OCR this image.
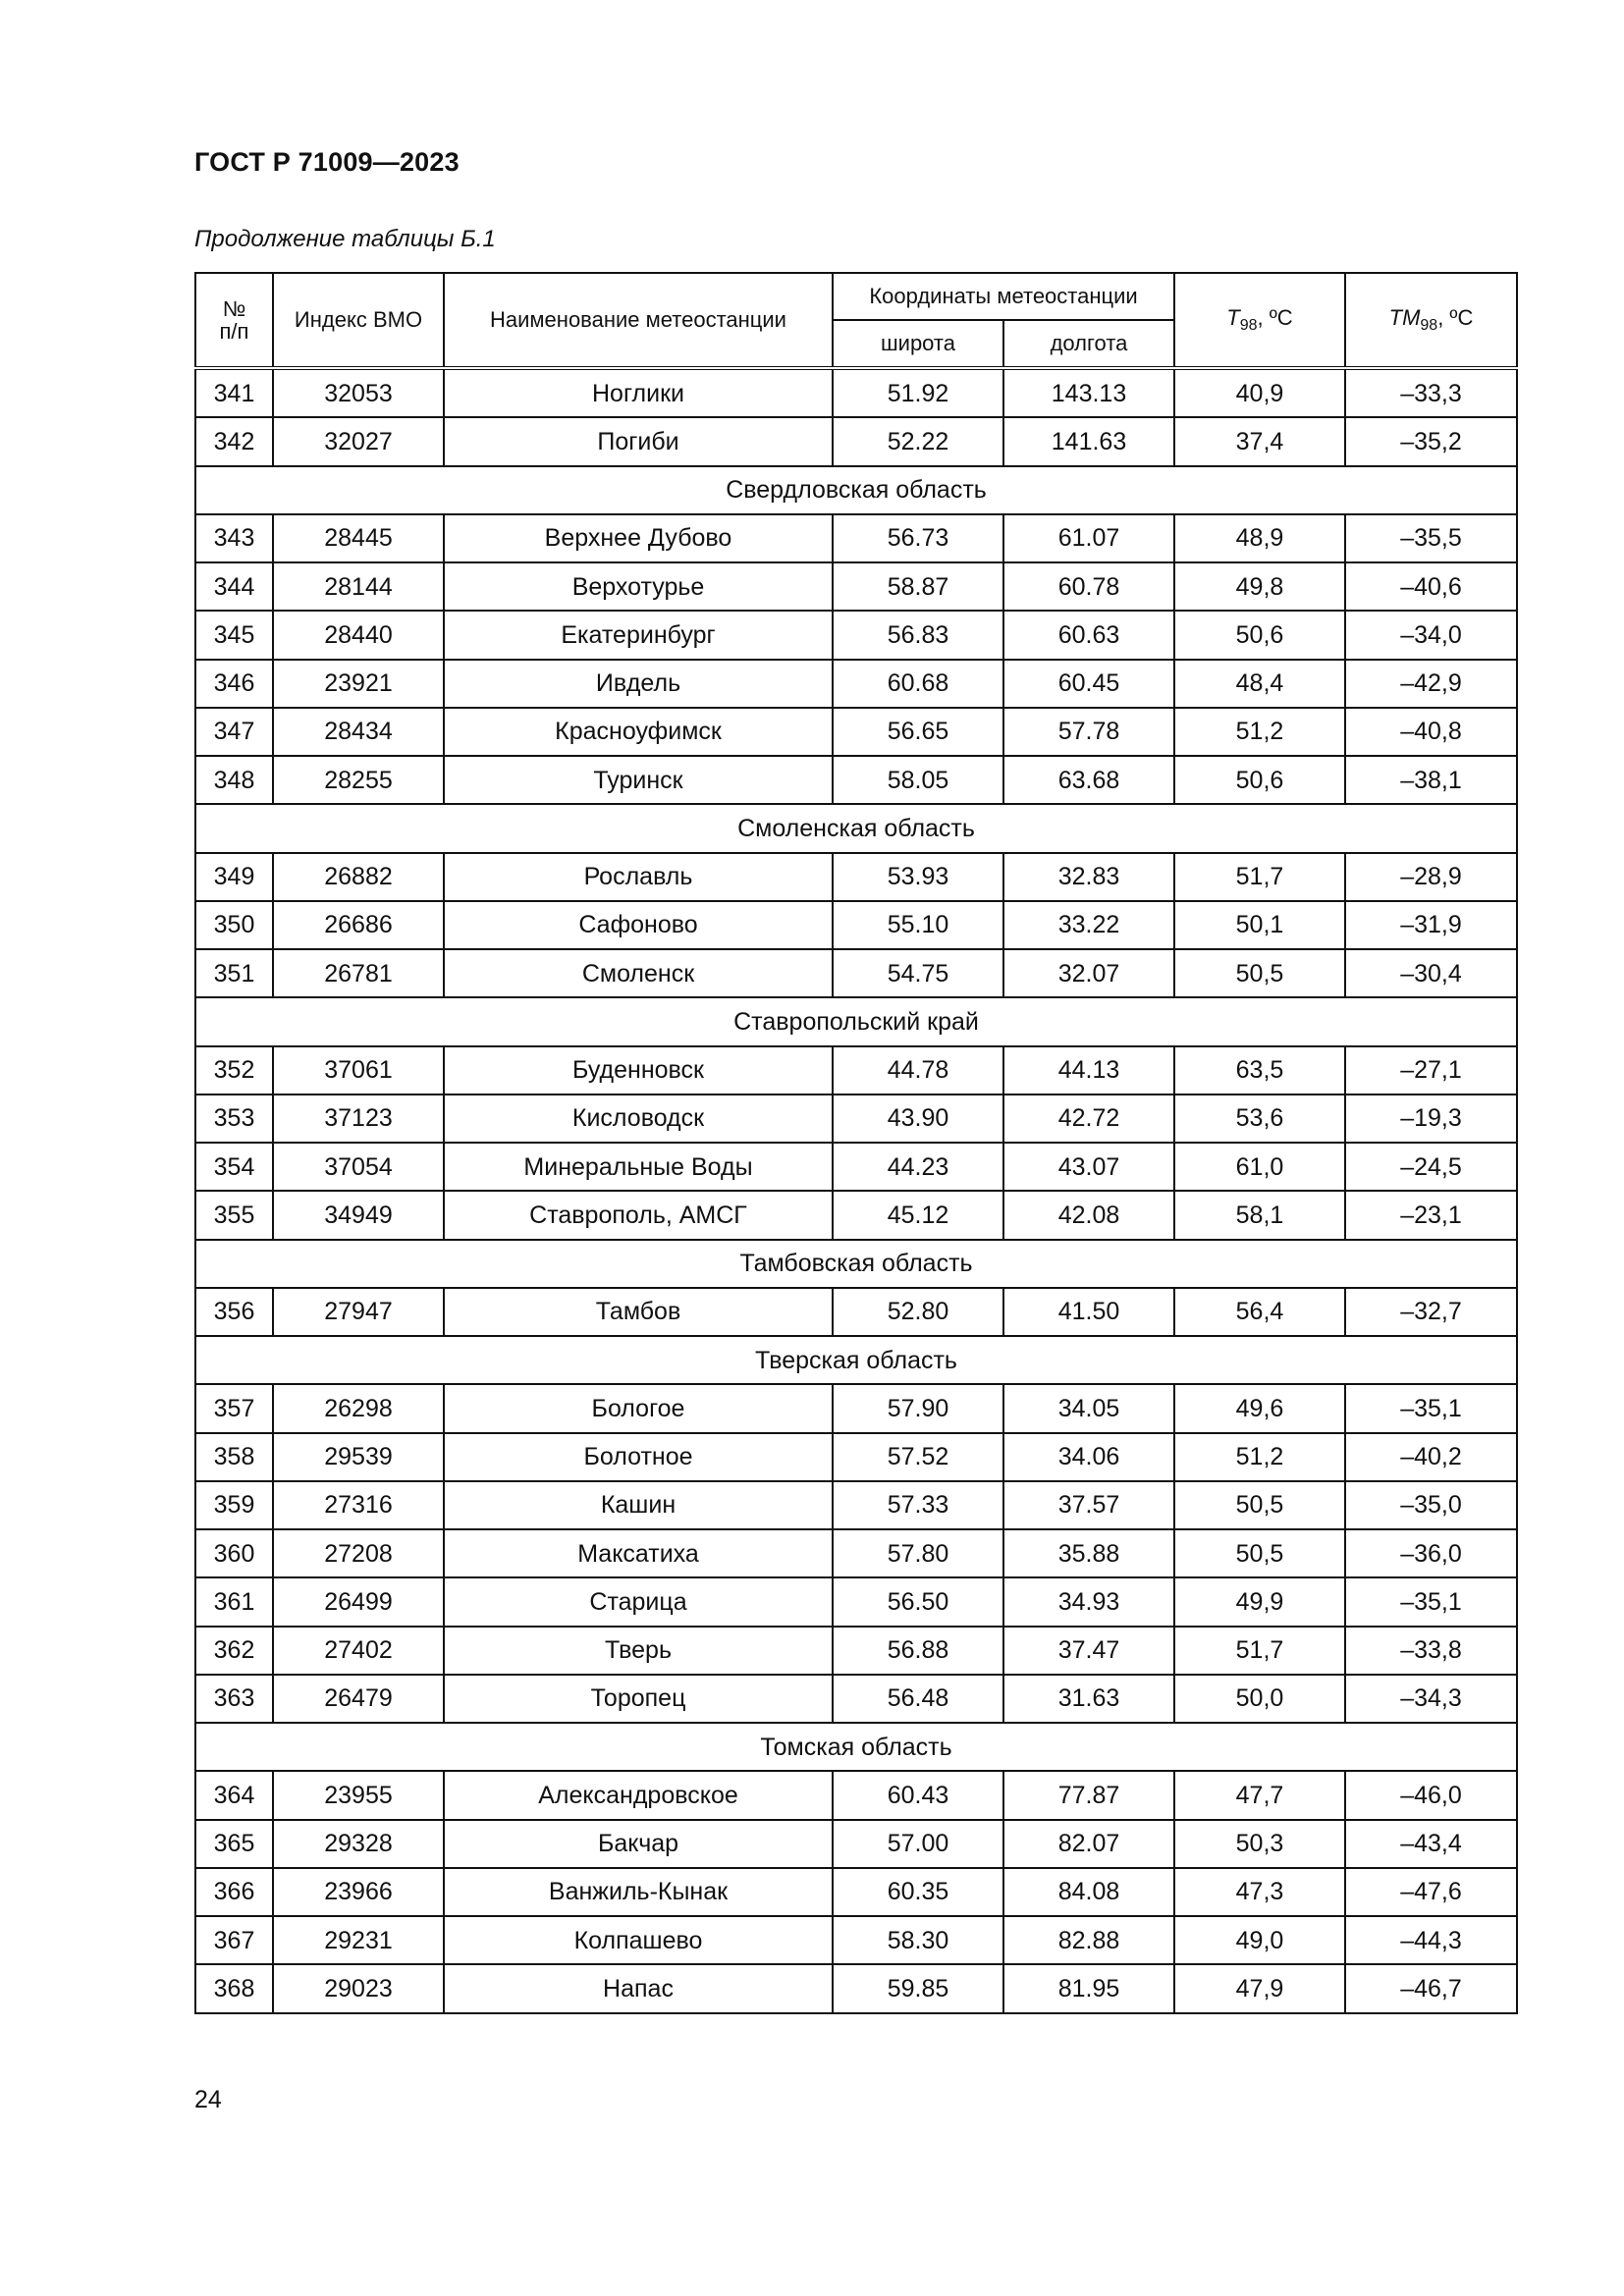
ГОСТ Р 71009—2023
Продолжение таблицы Б.1
№
п/п	Индекс ВМО	Наименование метеостанции	Координаты метеостанции		$T_{98}$, ºС	$TM_{98}$, ºС
			широта	долгота		
341	32053	Ноглики	51.92	143.13	40,9	–33,3
342	32027	Погиби	52.22	141.63	37,4	–35,2
Свердловская область						
343	28445	Верхнее Дубово	56.73	61.07	48,9	–35,5
344	28144	Верхотурье	58.87	60.78	49,8	–40,6
345	28440	Екатеринбург	56.83	60.63	50,6	–34,0
346	23921	Ивдель	60.68	60.45	48,4	–42,9
347	28434	Красноуфимск	56.65	57.78	51,2	–40,8
348	28255	Туринск	58.05	63.68	50,6	–38,1
Смоленская область						
349	26882	Рославль	53.93	32.83	51,7	–28,9
350	26686	Сафоново	55.10	33.22	50,1	–31,9
351	26781	Смоленск	54.75	32.07	50,5	–30,4
Ставропольский край						
352	37061	Буденновск	44.78	44.13	63,5	–27,1
353	37123	Кисловодск	43.90	42.72	53,6	–19,3
354	37054	Минеральные Воды	44.23	43.07	61,0	–24,5
355	34949	Ставрополь, АМСГ	45.12	42.08	58,1	–23,1
Тамбовская область						
356	27947	Тамбов	52.80	41.50	56,4	–32,7
Тверская область						
357	26298	Бологое	57.90	34.05	49,6	–35,1
358	29539	Болотное	57.52	34.06	51,2	–40,2
359	27316	Кашин	57.33	37.57	50,5	–35,0
360	27208	Максатиха	57.80	35.88	50,5	–36,0
361	26499	Старица	56.50	34.93	49,9	–35,1
362	27402	Тверь	56.88	37.47	51,7	–33,8
363	26479	Торопец	56.48	31.63	50,0	–34,3
Томская область						
364	23955	Александровское	60.43	77.87	47,7	–46,0
365	29328	Бакчар	57.00	82.07	50,3	–43,4
366	23966	Ванжиль-Кынак	60.35	84.08	47,3	–47,6
367	29231	Колпашево	58.30	82.88	49,0	–44,3
368	29023	Напас	59.85	81.95	47,9	–46,7
24
